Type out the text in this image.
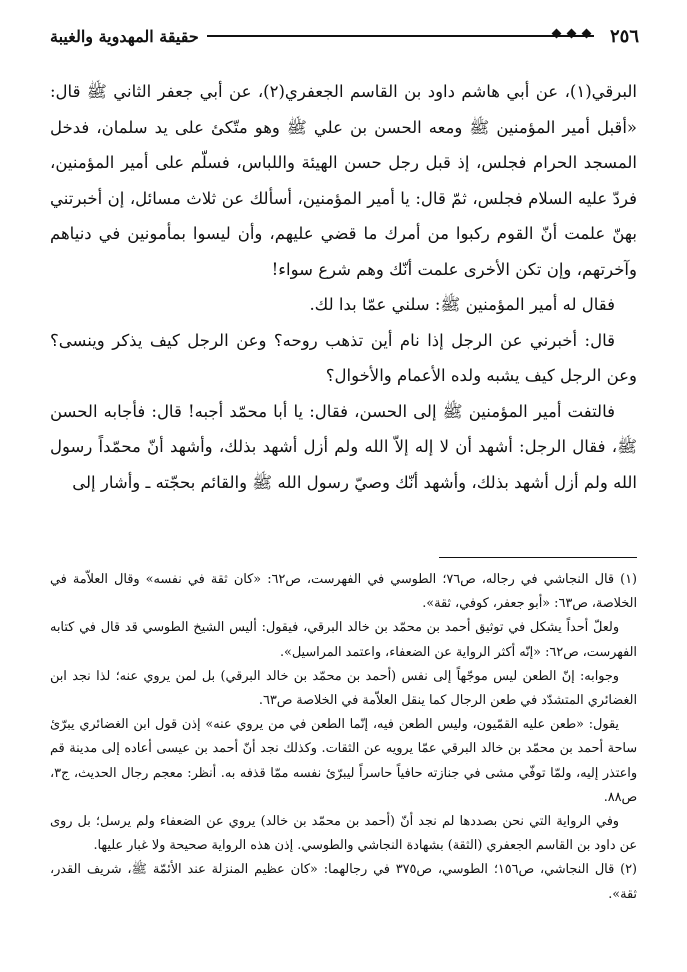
٢٥٦
حقيقة المهدوية والغيبة

البرقي(١)، عن أبي هاشم داود بن القاسم الجعفري(٢)، عن أبي جعفر الثاني ﷺ قال: «أقبل أمير المؤمنين ﷺ ومعه الحسن بن علي ﷺ وهو متّكئ على يد سلمان، فدخل المسجد الحرام فجلس، إذ قبل رجل حسن الهيئة واللباس، فسلّم على أمير المؤمنين، فردّ عليه السلام فجلس، ثمّ قال: يا أمير المؤمنين، أسألك عن ثلاث مسائل، إن أخبرتني بهنّ علمت أنّ القوم ركبوا من أمرك ما قضي عليهم، وأن ليسوا بمأمونين في دنياهم وآخرتهم، وإن تكن الأخرى علمت أنّك وهم شرع سواء!

فقال له أمير المؤمنين ﷺ: سلني عمّا بدا لك.

قال: أخبرني عن الرجل إذا نام أين تذهب روحه؟ وعن الرجل كيف يذكر وينسى؟ وعن الرجل كيف يشبه ولده الأعمام والأخوال؟

فالتفت أمير المؤمنين ﷺ إلى الحسن، فقال: يا أبا محمّد أجبه! قال: فأجابه الحسن ﷺ، فقال الرجل: أشهد أن لا إله إلاّ الله ولم أزل أشهد بذلك، وأشهد أنّ محمّداً رسول الله ولم أزل أشهد بذلك، وأشهد أنّك وصيّ رسول الله ﷺ والقائم بحجّته ـ وأشار إلى

(١) قال النجاشي في رجاله، ص٧٦؛ الطوسي في الفهرست، ص٦٢: «كان ثقة في نفسه» وقال العلاّمة في الخلاصة، ص٦٣: «أبو جعفر، كوفي، ثقة».

ولعلّ أحداً يشكل في توثيق أحمد بن محمّد بن خالد البرقي، فيقول: أليس الشيخ الطوسي قد قال في كتابه الفهرست، ص٦٢: «إنّه أكثر الرواية عن الضعفاء، واعتمد المراسيل».

وجوابه: إنّ الطعن ليس موجّهاً إلى نفس (أحمد بن محمّد بن خالد البرقي) بل لمن يروي عنه؛ لذا نجد ابن الغضائري المتشدّد في طعن الرجال كما ينقل العلاّمة في الخلاصة ص٦٣.

يقول: «طعن عليه القمّيون، وليس الطعن فيه، إنّما الطعن في من يروي عنه» إذن قول ابن الغضائري يبرّئ ساحة أحمد بن محمّد بن خالد البرقي عمّا يرويه عن الثقات. وكذلك نجد أنّ أحمد بن عيسى أعاده إلى مدينة قم واعتذر إليه، ولمّا توفّي مشى في جنازته حافياً حاسراً ليبرّئ نفسه ممّا قذفه به. أنظر: معجم رجال الحديث، ج٣، ص٨٨.

وفي الرواية التي نحن بصددها لم نجد أنّ (أحمد بن محمّد بن خالد) يروي عن الضعفاء ولم يرسل؛ بل روى عن داود بن القاسم الجعفري (الثقة) بشهادة النجاشي والطوسي. إذن هذه الرواية صحيحة ولا غبار عليها.

(٢) قال النجاشي، ص١٥٦؛ الطوسي، ص٣٧٥ في رجالهما: «كان عظيم المنزلة عند الأئمّة ﷺ، شريف القدر، ثقة».
